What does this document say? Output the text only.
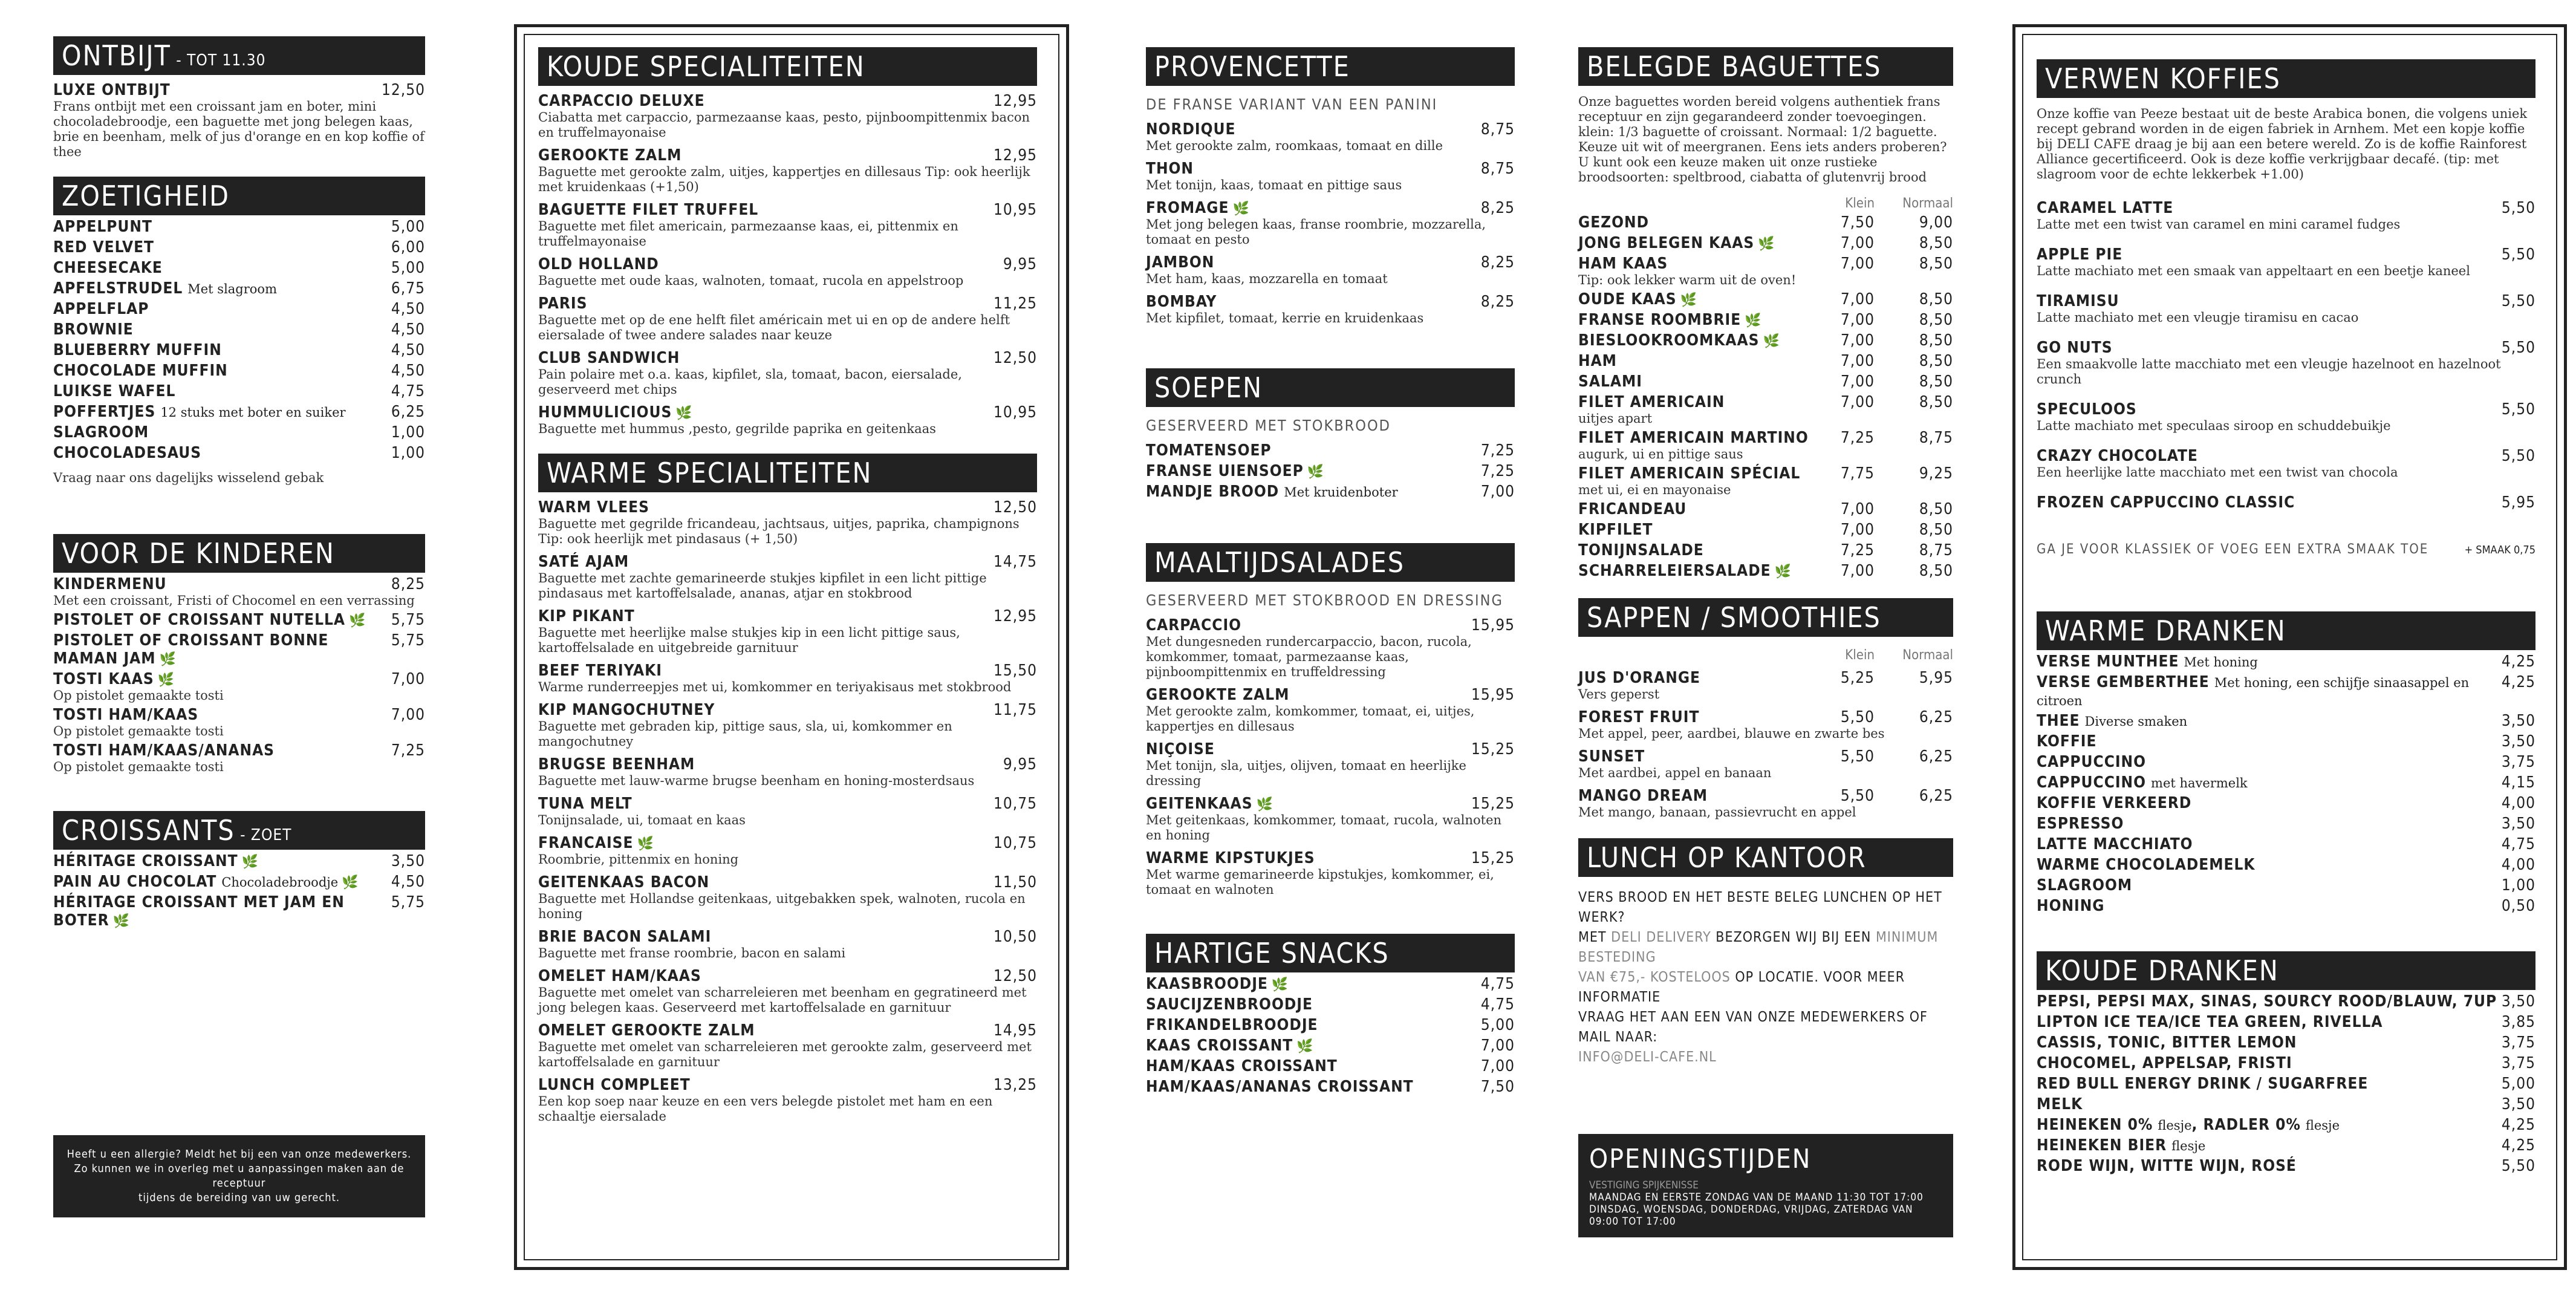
ONTBIJT - TOT 11.30
LUXE ONTBIJT	12,50
Frans ontbijt met een croissant jam en boter, mini chocoladebroodje, een baguette met jong belegen kaas, brie en beenham, melk of jus d'orange en en kop koffie of thee
ZOETIGHEID
APPELPUNT	5,00
RED VELVET	6,00
CHEESECAKE	5,00
APFELSTRUDEL Met slagroom	6,75
APPELFLAP	4,50
BROWNIE	4,50
BLUEBERRY MUFFIN	4,50
CHOCOLADE MUFFIN	4,50
LUIKSE WAFEL	4,75
POFFERTJES 12 stuks met boter en suiker	6,25
SLAGROOM	1,00
CHOCOLADESAUS	1,00
Vraag naar ons dagelijks wisselend gebak
VOOR DE KINDEREN
KINDERMENU	8,25
Met een croissant, Fristi of Chocomel en een verrassing
PISTOLET OF CROISSANT NUTELLA 🌿 5,75
PISTOLET OF CROISSANT BONNE MAMAN JAM 🌿
5,75
TOSTI KAAS 🌿	7,00
Op pistolet gemaakte tosti
TOSTI HAM/KAAS	7,00
Op pistolet gemaakte tosti
TOSTI HAM/KAAS/ANANAS	7,25
Op pistolet gemaakte tosti
CROISSANTS - ZOET
HÉRITAGE CROISSANT 🌿	3,50
PAIN AU CHOCOLAT Chocoladebroodje 🌿 4,50
HÉRITAGE CROISSANT MET JAM EN BOTER 🌿
5,75
Heeft u een allergie? Meldt het bij een van onze medewerkers.
Zo kunnen we in overleg met u aanpassingen maken aan de receptuur
tijdens de bereiding van uw gerecht.
KOUDE SPECIALITEITEN
CARPACCIO DELUXE	12,95
Ciabatta met carpaccio, parmezaanse kaas, pesto, pijnboompittenmix bacon en truffelmayonaise
GEROOKTE ZALM	12,95
Baguette met gerookte zalm, uitjes, kappertjes en dillesaus Tip: ook heerlijk met kruidenkaas (+1,50)
BAGUETTE FILET TRUFFEL	10,95
Baguette met filet americain, parmezaanse kaas, ei, pittenmix en truffelmayonaise
OLD HOLLAND	9,95
Baguette met oude kaas, walnoten, tomaat, rucola en appelstroop
PARIS	11,25
Baguette met op de ene helft filet américain met ui en op de andere helft eiersalade of twee andere salades naar keuze
CLUB SANDWICH	12,50
Pain polaire met o.a. kaas, kipfilet, sla, tomaat, bacon, eiersalade, geserveerd met chips
HUMMULICIOUS 🌿	10,95
Baguette met hummus ,pesto, gegrilde paprika en geitenkaas
WARME SPECIALITEITEN
WARM VLEES	12,50
Baguette met gegrilde fricandeau, jachtsaus, uitjes, paprika, champignons Tip: ook heerlijk met pindasaus (+ 1,50)
SATÉ AJAM	14,75
Baguette met zachte gemarineerde stukjes kipfilet in een licht pittige pindasaus met kartoffelsalade, ananas, atjar en stokbrood
KIP PIKANT	12,95
Baguette met heerlijke malse stukjes kip in een licht pittige saus, kartoffelsalade en uitgebreide garnituur
BEEF TERIYAKI	15,50
Warme runderreepjes met ui, komkommer en teriyakisaus met stokbrood
KIP MANGOCHUTNEY	11,75
Baguette met gebraden kip, pittige saus, sla, ui, komkommer en mangochutney
BRUGSE BEENHAM	9,95
Baguette met lauw-warme brugse beenham en honing-mosterdsaus
TUNA MELT	10,75
Tonijnsalade, ui, tomaat en kaas
FRANCAISE 🌿	10,75
Roombrie, pittenmix en honing
GEITENKAAS BACON	11,50
Baguette met Hollandse geitenkaas, uitgebakken spek, walnoten, rucola en honing
BRIE BACON SALAMI	10,50
Baguette met franse roombrie, bacon en salami
OMELET HAM/KAAS	12,50
Baguette met omelet van scharreleieren met beenham en gegratineerd met jong belegen kaas. Geserveerd met kartoffelsalade en garnituur
OMELET GEROOKTE ZALM	14,95
Baguette met omelet van scharreleieren met gerookte zalm, geserveerd met kartoffelsalade en garnituur
LUNCH COMPLEET	13,25
Een kop soep naar keuze en een vers belegde pistolet met ham en een schaaltje eiersalade
PROVENCETTE
DE FRANSE VARIANT VAN EEN PANINI
NORDIQUE	8,75
Met gerookte zalm, roomkaas, tomaat en dille
THON	8,75
Met tonijn, kaas, tomaat en pittige saus
FROMAGE 🌿	8,25
Met jong belegen kaas, franse roombrie, mozzarella, tomaat en pesto
JAMBON	8,25
Met ham, kaas, mozzarella en tomaat
BOMBAY	8,25
Met kipfilet, tomaat, kerrie en kruidenkaas
SOEPEN
GESERVEERD MET STOKBROOD
TOMATENSOEP	7,25
FRANSE UIENSOEP 🌿	7,25
MANDJE BROOD Met kruidenboter	7,00
MAALTIJDSALADES
GESERVEERD MET STOKBROOD EN DRESSING
CARPACCIO	15,95
Met dungesneden rundercarpaccio, bacon, rucola, komkommer, tomaat, parmezaanse kaas, pijnboompittenmix en truffeldressing
GEROOKTE ZALM	15,95
Met gerookte zalm, komkommer, tomaat, ei, uitjes, kappertjes en dillesaus
NIÇOISE	15,25
Met tonijn, sla, uitjes, olijven, tomaat en heerlijke dressing
GEITENKAAS 🌿	15,25
Met geitenkaas, komkommer, tomaat, rucola, walnoten en honing
WARME KIPSTUKJES	15,25
Met warme gemarineerde kipstukjes, komkommer, ei, tomaat en walnoten
HARTIGE SNACKS
KAASBROODJE 🌿	4,75
SAUCIJZENBROODJE	4,75
FRIKANDELBROODJE	5,00
KAAS CROISSANT 🌿	7,00
HAM/KAAS CROISSANT	7,00
HAM/KAAS/ANANAS CROISSANT	7,50
BELEGDE BAGUETTES
Onze baguettes worden bereid volgens authentiek frans receptuur en zijn gegarandeerd zonder toevoegingen. klein: 1/3 baguette of croissant. Normaal: 1/2 baguette. Keuze uit wit of meergranen. Eens iets anders proberen? U kunt ook een keuze maken uit onze rustieke broodsoorten: speltbrood, ciabatta of glutenvrij brood
Klein	Normaal
GEZOND	7,50	9,00
JONG BELEGEN KAAS 🌿	7,00	8,50
HAM KAAS	7,00	8,50
Tip: ook lekker warm uit de oven!
OUDE KAAS 🌿	7,00	8,50
FRANSE ROOMBRIE 🌿	7,00	8,50
BIESLOOKROOMKAAS 🌿	7,00	8,50
HAM	7,00	8,50
SALAMI	7,00	8,50
FILET AMERICAIN	7,00	8,50
uitjes apart
FILET AMERICAIN MARTINO	7,25	8,75
augurk, ui en pittige saus
FILET AMERICAIN SPÉCIAL	7,75	9,25
met ui, ei en mayonaise
FRICANDEAU	7,00	8,50
KIPFILET	7,00	8,50
TONIJNSALADE	7,25	8,75
SCHARRELEIERSALADE 🌿	7,00	8,50
SAPPEN / SMOOTHIES
Klein	Normaal
JUS D'ORANGE	5,25	5,95
Vers geperst
FOREST FRUIT	5,50	6,25
Met appel, peer, aardbei, blauwe en zwarte bes
SUNSET	5,50	6,25
Met aardbei, appel en banaan
MANGO DREAM	5,50	6,25
Met mango, banaan, passievrucht en appel
LUNCH OP KANTOOR
VERS BROOD EN HET BESTE BELEG LUNCHEN OP HET WERK?
MET DELI DELIVERY BEZORGEN WIJ BIJ EEN MINIMUM BESTEDING
VAN €75,- KOSTELOOS OP LOCATIE. VOOR MEER INFORMATIE
VRAAG HET AAN EEN VAN ONZE MEDEWERKERS OF MAIL NAAR:
INFO@DELI-CAFE.NL
OPENINGSTIJDEN
VESTIGING SPIJKENISSE
MAANDAG EN EERSTE ZONDAG VAN DE MAAND 11:30 TOT 17:00
DINSDAG, WOENSDAG, DONDERDAG, VRIJDAG, ZATERDAG VAN 09:00 TOT 17:00
VERWEN KOFFIES
Onze koffie van Peeze bestaat uit de beste Arabica bonen, die volgens uniek recept gebrand worden in de eigen fabriek in Arnhem. Met een kopje koffie bij DELI CAFE draag je bij aan een betere wereld. Zo is de koffie Rainforest Alliance gecertificeerd. Ook is deze koffie verkrijgbaar decafé. (tip: met slagroom voor de echte lekkerbek +1.00)
CARAMEL LATTE	5,50
Latte met een twist van caramel en mini caramel fudges
APPLE PIE	5,50
Latte machiato met een smaak van appeltaart en een beetje kaneel
TIRAMISU	5,50
Latte machiato met een vleugje tiramisu en cacao
GO NUTS	5,50
Een smaakvolle latte macchiato met een vleugje hazelnoot en hazelnoot crunch
SPECULOOS	5,50
Latte machiato met speculaas siroop en schuddebuikje
CRAZY CHOCOLATE	5,50
Een heerlijke latte macchiato met een twist van chocola
FROZEN CAPPUCCINO CLASSIC	5,95
GA JE VOOR KLASSIEK OF VOEG EEN EXTRA SMAAK TOE	+ SMAAK 0,75
WARME DRANKEN
VERSE MUNTHEE Met honing	4,25
VERSE GEMBERTHEE Met honing, een schijfje sinaasappel en citroen
4,25
THEE Diverse smaken	3,50
KOFFIE	3,50
CAPPUCCINO	3,75
CAPPUCCINO met havermelk	4,15
KOFFIE VERKEERD	4,00
ESPRESSO	3,50
LATTE MACCHIATO	4,75
WARME CHOCOLADEMELK	4,00
SLAGROOM	1,00
HONING	0,50
KOUDE DRANKEN
PEPSI, PEPSI MAX, SINAS, SOURCY ROOD/BLAUW, 7UP 3,50
LIPTON ICE TEA/ICE TEA GREEN, RIVELLA	3,85
CASSIS, TONIC, BITTER LEMON	3,75
CHOCOMEL, APPELSAP, FRISTI	3,75
RED BULL ENERGY DRINK / SUGARFREE	5,00
MELK	3,50
HEINEKEN 0% flesje, RADLER 0% flesje	4,25
HEINEKEN BIER flesje	4,25
RODE WIJN, WITTE WIJN, ROSÉ	5,50
